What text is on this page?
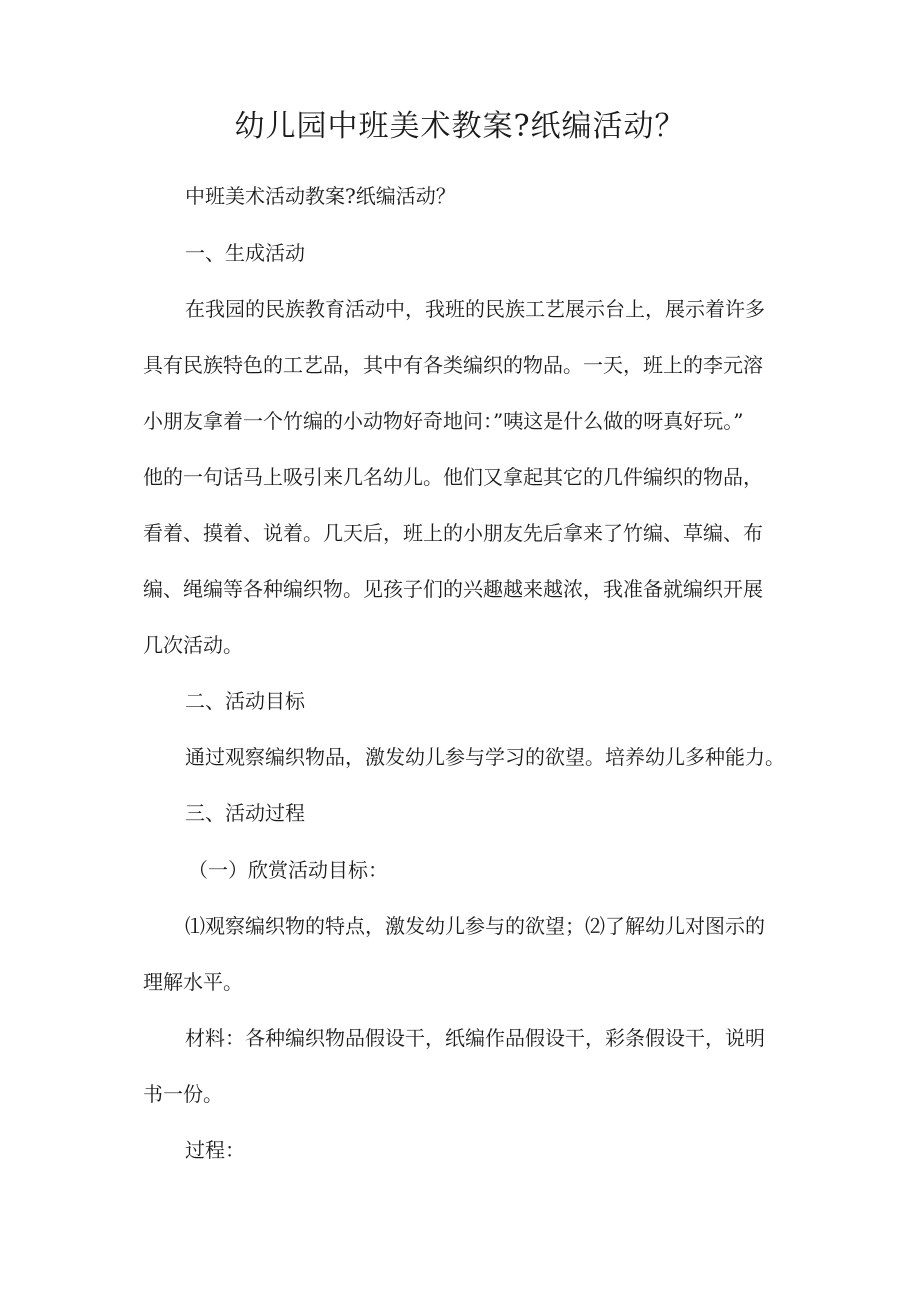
幼儿园中班美术教案?纸编活动？

中班美术活动教案?纸编活动？

一、生成活动

在我园的民族教育活动中，我班的民族工艺展示台上，展示着许多

具有民族特色的工艺品，其中有各类编织的物品。一天，班上的李元溶

小朋友拿着一个竹编的小动物好奇地问：”咦这是什么做的呀真好玩。”

他的一句话马上吸引来几名幼儿。他们又拿起其它的几件编织的物品，

看着、摸着、说着。几天后，班上的小朋友先后拿来了竹编、草编、布

编、绳编等各种编织物。见孩子们的兴趣越来越浓，我准备就编织开展

几次活动。

二、活动目标

通过观察编织物品，激发幼儿参与学习的欲望。培养幼儿多种能力。

三、活动过程

（一）欣赏活动目标：

⑴观察编织物的特点，激发幼儿参与的欲望；⑵了解幼儿对图示的

理解水平。

材料：各种编织物品假设干，纸编作品假设干，彩条假设干，说明

书一份。

过程：
